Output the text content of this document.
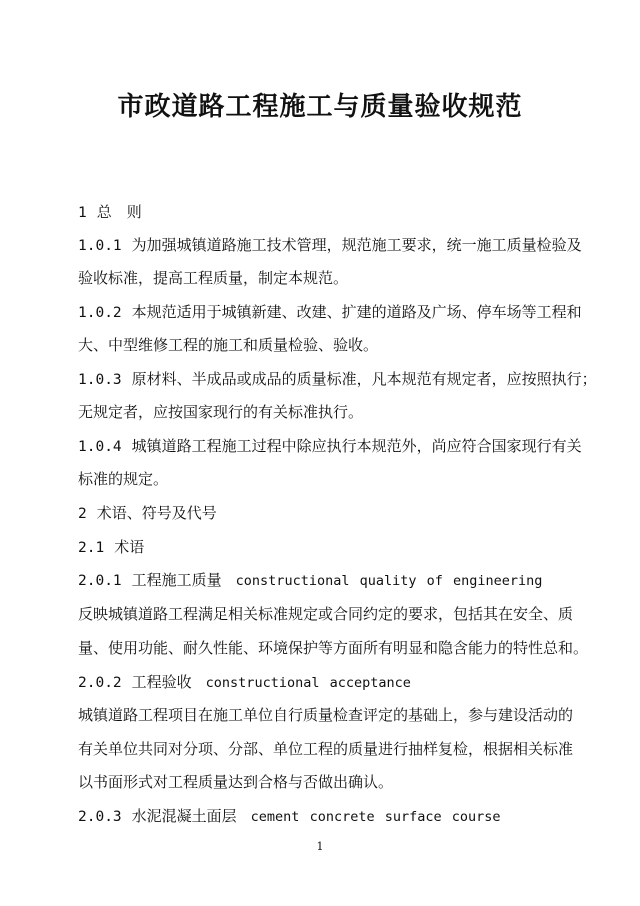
市政道路工程施工与质量验收规范
1 总　则
1.0.1 为加强城镇道路施工技术管理，规范施工要求，统一施工质量检验及
验收标准，提高工程质量，制定本规范。
1.0.2 本规范适用于城镇新建、改建、扩建的道路及广场、停车场等工程和
大、中型维修工程的施工和质量检验、验收。
1.0.3 原材料、半成品或成品的质量标准，凡本规范有规定者，应按照执行；
无规定者，应按国家现行的有关标准执行。
1.0.4 城镇道路工程施工过程中除应执行本规范外，尚应符合国家现行有关
标准的规定。
2 术语、符号及代号
2.1 术语
2.0.1 工程施工质量 constructional quality of engineering
反映城镇道路工程满足相关标准规定或合同约定的要求，包括其在安全、质
量、使用功能、耐久性能、环境保护等方面所有明显和隐含能力的特性总和。
2.0.2 工程验收 constructional acceptance
城镇道路工程项目在施工单位自行质量检查评定的基础上，参与建设活动的
有关单位共同对分项、分部、单位工程的质量进行抽样复检，根据相关标准
以书面形式对工程质量达到合格与否做出确认。
2.0.3 水泥混凝土面层 cement concrete surface course
1
